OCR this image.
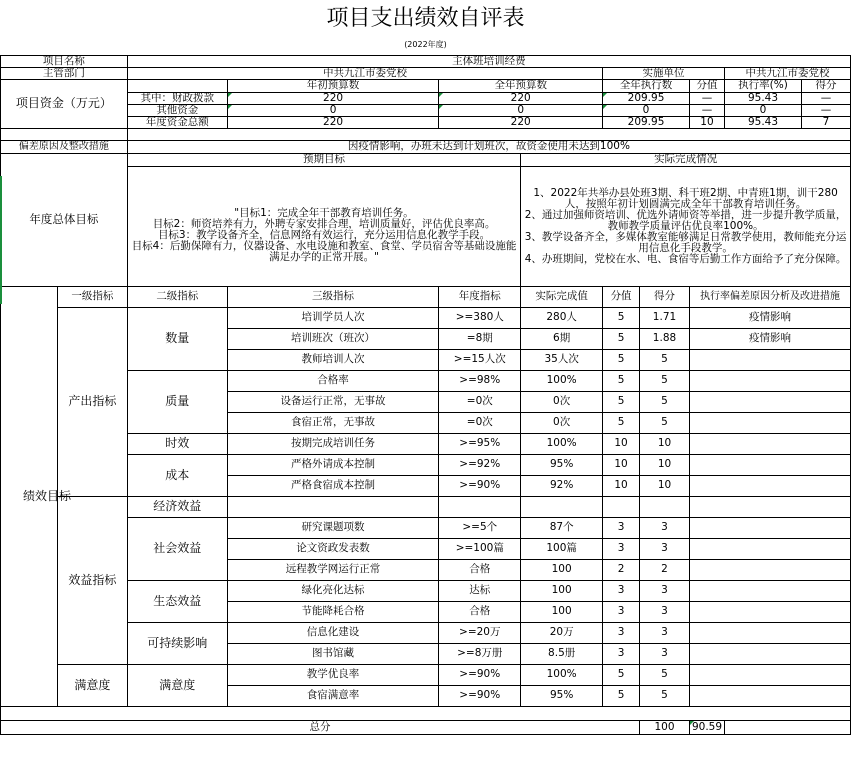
项目支出绩效自评表
(2022年度)

项目名称		主体班培训经费								
主管部门		中共九江市委党校				实施单位			中共九江市委党校	
项目资金（万元）			年初预算数	全年预算数		全年执行数		分值	执行率(%)	得分
		其中：财政拨款	220	220		209.95		—	95.43	—
		其他资金	0	0		0		—	0	—
		年度资金总额	220	220		209.95		10	95.43	7

偏差原因及整改措施		因疫情影响，办班未达到计划班次，故资金使用未达到100%								
年度总体目标		预期目标			实际完成情况					
		"目标1：完成全年干部教育培训任务。
目标2：师资培养有力，外聘专家安排合理，培训质量好，评估优良率高。
目标3：教学设备齐全，信息网络有效运行，充分运用信息化教学手段。
目标4：后勤保障有力，仪器设备、水电设施和教室、食堂、学员宿舍等基础设施能满足办学的正常开展。"			1、2022年共举办县处班3期、科干班2期、中青班1期，训干280人，按照年初计划圆满完成全年干部教育培训任务。
2、通过加强师资培训、优选外请师资等举措，进一步提升教学质量，教师教学质量评估优良率100%。
3、教学设备齐全，多媒体教室能够满足日常教学使用，教师能充分运用信息化手段教学。
4、办班期间，党校在水、电、食宿等后勤工作方面给予了充分保障。					

绩效目标	一级指标	二级指标	三级指标	年度指标	实际完成值	分值	得分	执行率偏差原因分析及改进措施		
	产出指标	数量	培训学员人次	>=380人	280人	5	1.71	疫情影响		
			培训班次（班次）	=8期	6期	5	1.88	疫情影响		
			教师培训人次	>=15人次	35人次	5	5			
		质量	合格率	>=98%	100%	5	5			
			设备运行正常，无事故	=0次	0次	5	5			
			食宿正常，无事故	=0次	0次	5	5			
		时效	按期完成培训任务	>=95%	100%	10	10			
		成本	严格外请成本控制	>=92%	95%	10	10			
			严格食宿成本控制	>=90%	92%	10	10			
	效益指标	经济效益								
		社会效益	研究课题项数	>=5个	87个	3	3			
			论文资政发表数	>=100篇	100篇	3	3			
			远程教学网运行正常	合格	100	2	2			
		生态效益	绿化亮化达标	达标	100	3	3			
			节能降耗合格	合格	100	3	3			
		可持续影响	信息化建设	>=20万	20万	3	3			
			图书馆藏	>=8万册	8.5册	3	3			
	满意度	满意度	教学优良率	>=90%	100%	5	5			
			食宿满意率	>=90%	95%	5	5			

总分							100	90.59		
